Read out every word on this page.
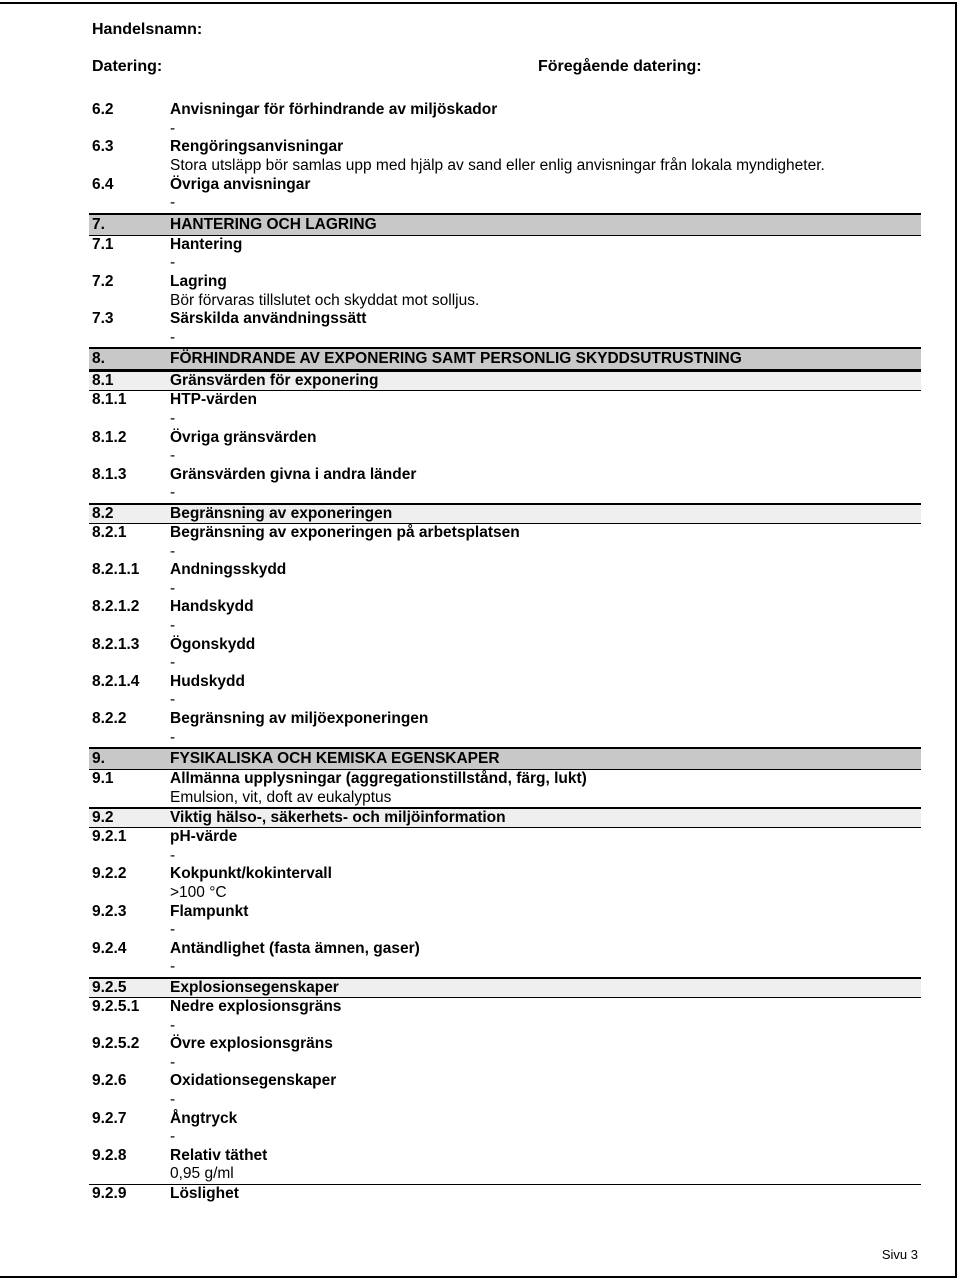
Handelsnamn:
Datering:	Föregående datering:
6.2	Anvisningar för förhindrande av miljöskador
-
6.3	Rengöringsanvisningar
Stora utsläpp bör samlas upp med hjälp av sand eller enlig anvisningar från lokala myndigheter.
6.4	Övriga anvisningar
-
7.	HANTERING OCH LAGRING
7.1	Hantering
-
7.2	Lagring
Bör förvaras tillslutet och skyddat mot solljus.
7.3	Särskilda användningssätt
-
8.	FÖRHINDRANDE AV EXPONERING SAMT PERSONLIG SKYDDSUTRUSTNING
8.1	Gränsvärden för exponering
8.1.1	HTP-värden
-
8.1.2	Övriga gränsvärden
-
8.1.3	Gränsvärden givna i andra länder
-
8.2	Begränsning av exponeringen
8.2.1	Begränsning av exponeringen på arbetsplatsen
-
8.2.1.1	Andningsskydd
-
8.2.1.2	Handskydd
-
8.2.1.3	Ögonskydd
-
8.2.1.4	Hudskydd
-
8.2.2	Begränsning av miljöexponeringen
-
9.	FYSIKALISKA OCH KEMISKA EGENSKAPER
9.1	Allmänna upplysningar (aggregationstillstånd, färg, lukt)
Emulsion, vit, doft av eukalyptus
9.2	Viktig hälso-, säkerhets- och miljöinformation
9.2.1	pH-värde
-
9.2.2	Kokpunkt/kokintervall
>100 °C
9.2.3	Flampunkt
-
9.2.4	Antändlighet (fasta ämnen, gaser)
-
9.2.5	Explosionsegenskaper
9.2.5.1	Nedre explosionsgräns
-
9.2.5.2	Övre explosionsgräns
-
9.2.6	Oxidationsegenskaper
-
9.2.7	Ångtryck
-
9.2.8	Relativ täthet
0,95 g/ml
9.2.9	Löslighet
Sivu 3
